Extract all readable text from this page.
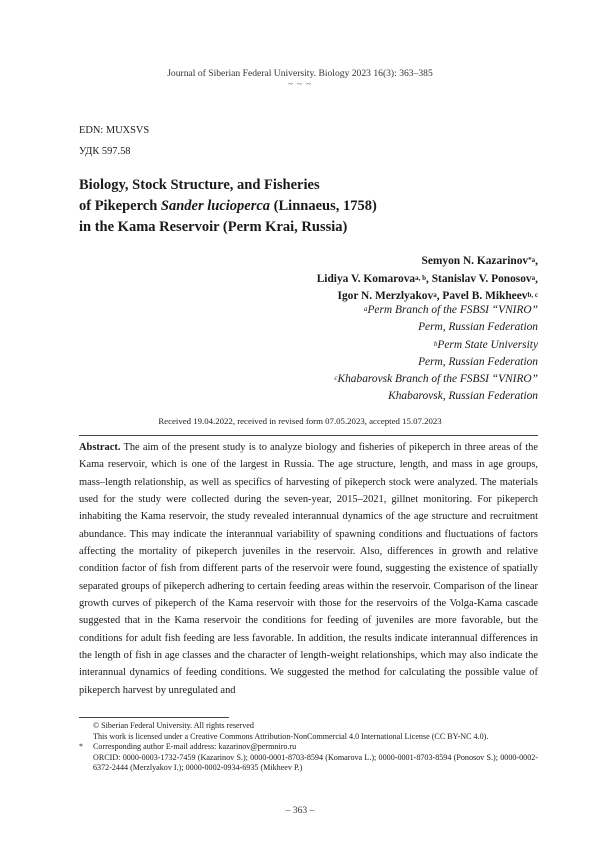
Journal of Siberian Federal University. Biology 2023 16(3): 363–385
~ ~ ~
EDN: MUXSVS
УДК 597.58
Biology, Stock Structure, and Fisheries
of Pikeperch Sander lucioperca (Linnaeus, 1758)
in the Kama Reservoir (Perm Krai, Russia)
Semyon N. Kazarinov$^{*a}$,
Lidiya V. Komarova$^{a, b}$, Stanislav V. Ponosov$^a$,
Igor N. Merzlyakov$^a$, Pavel B. Mikheev$^{b, c}$
$^a$Perm Branch of the FSBSI “VNIRO”
Perm, Russian Federation
$^b$Perm State University
Perm, Russian Federation
$^c$Khabarovsk Branch of the FSBSI “VNIRO”
Khabarovsk, Russian Federation
Received 19.04.2022, received in revised form 07.05.2023, accepted 15.07.2023
Abstract. The aim of the present study is to analyze biology and fisheries of pikeperch in three areas of the Kama reservoir, which is one of the largest in Russia. The age structure, length, and mass in age groups, mass–length relationship, as well as specifics of harvesting of pikeperch stock were analyzed. The materials used for the study were collected during the seven-year, 2015–2021, gillnet monitoring. For pikeperch inhabiting the Kama reservoir, the study revealed interannual dynamics of the age structure and recruitment abundance. This may indicate the interannual variability of spawning conditions and fluctuations of factors affecting the mortality of pikeperch juveniles in the reservoir. Also, differences in growth and relative condition factor of fish from different parts of the reservoir were found, suggesting the existence of spatially separated groups of pikeperch adhering to certain feeding areas within the reservoir. Comparison of the linear growth curves of pikeperch of the Kama reservoir with those for the reservoirs of the Volga-Kama cascade suggested that in the Kama reservoir the conditions for feeding of juveniles are more favorable, but the conditions for adult fish feeding are less favorable. In addition, the results indicate interannual differences in the length of fish in age classes and the character of length-weight relationships, which may also indicate the interannual dynamics of feeding conditions. We suggested the method for calculating the possible value of pikeperch harvest by unregulated and
© Siberian Federal University. All rights reserved
This work is licensed under a Creative Commons Attribution-NonCommercial 4.0 International License (CC BY-NC 4.0).
*	Corresponding author E-mail address: kazarinov@permniro.ru
ORCID: 0000-0003-1732-7459 (Kazarinov S.); 0000-0001-8703-8594 (Komarova L.); 0000-0001-8703-8594 (Ponosov S.); 0000-0002-6372-2444 (Merzlyakov I.); 0000-0002-0934-6935 (Mikheev P.)
– 363 –
